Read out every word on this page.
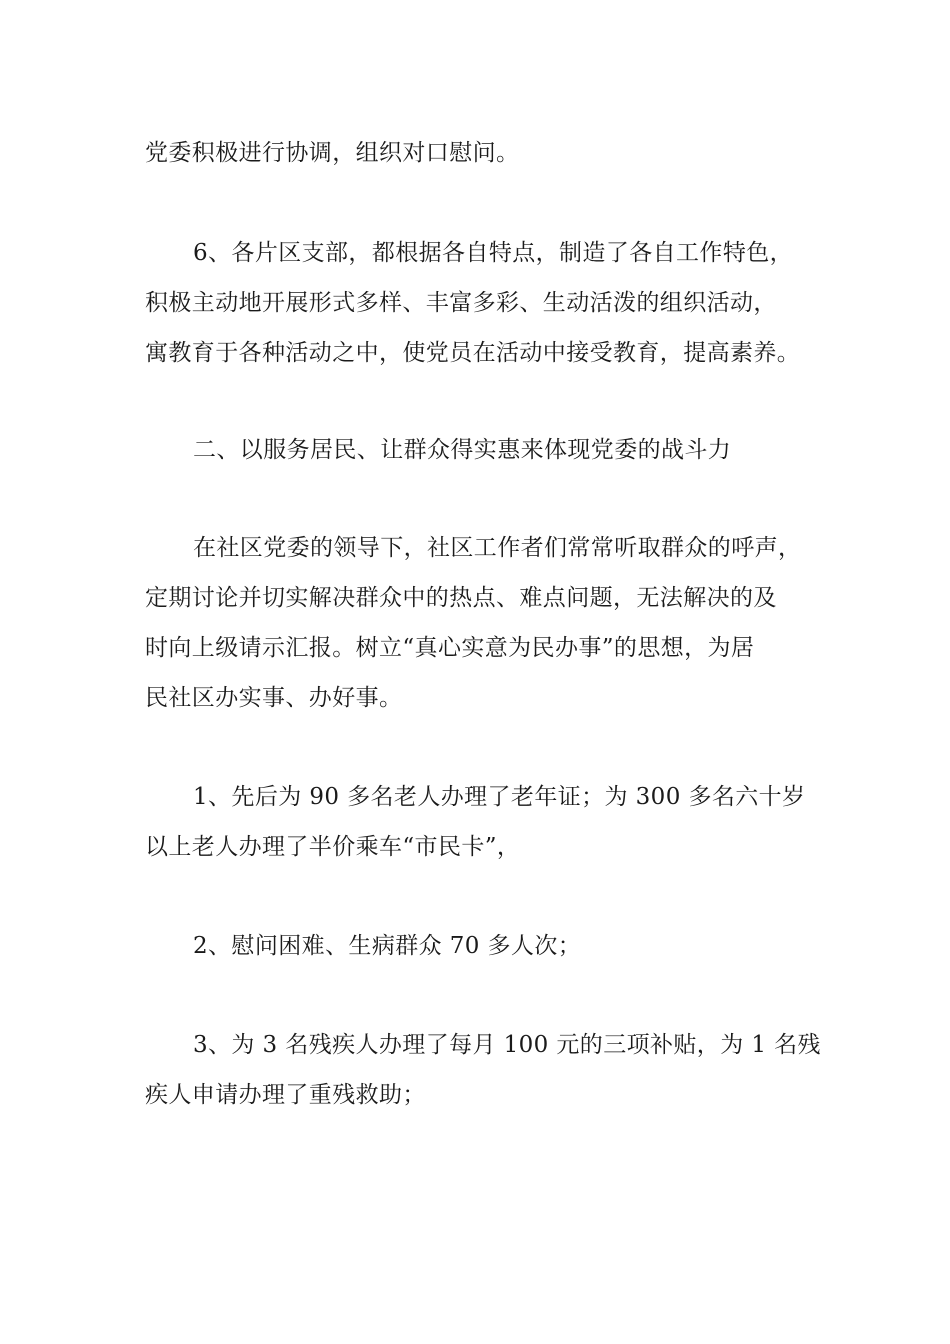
党委积极进行协调，组织对口慰问。

6、各片区支部，都根据各自特点，制造了各自工作特色，
积极主动地开展形式多样、丰富多彩、生动活泼的组织活动，
寓教育于各种活动之中，使党员在活动中接受教育，提高素养。

二、以服务居民、让群众得实惠来体现党委的战斗力

在社区党委的领导下，社区工作者们常常听取群众的呼声，
定期讨论并切实解决群众中的热点、难点问题，无法解决的及
时向上级请示汇报。树立“真心实意为民办事”的思想，为居
民社区办实事、办好事。

1、先后为 90 多名老人办理了老年证；为 300 多名六十岁
以上老人办理了半价乘车“市民卡”，

2、慰问困难、生病群众 70 多人次；

3、为 3 名残疾人办理了每月 100 元的三项补贴，为 1 名残
疾人申请办理了重残救助；
